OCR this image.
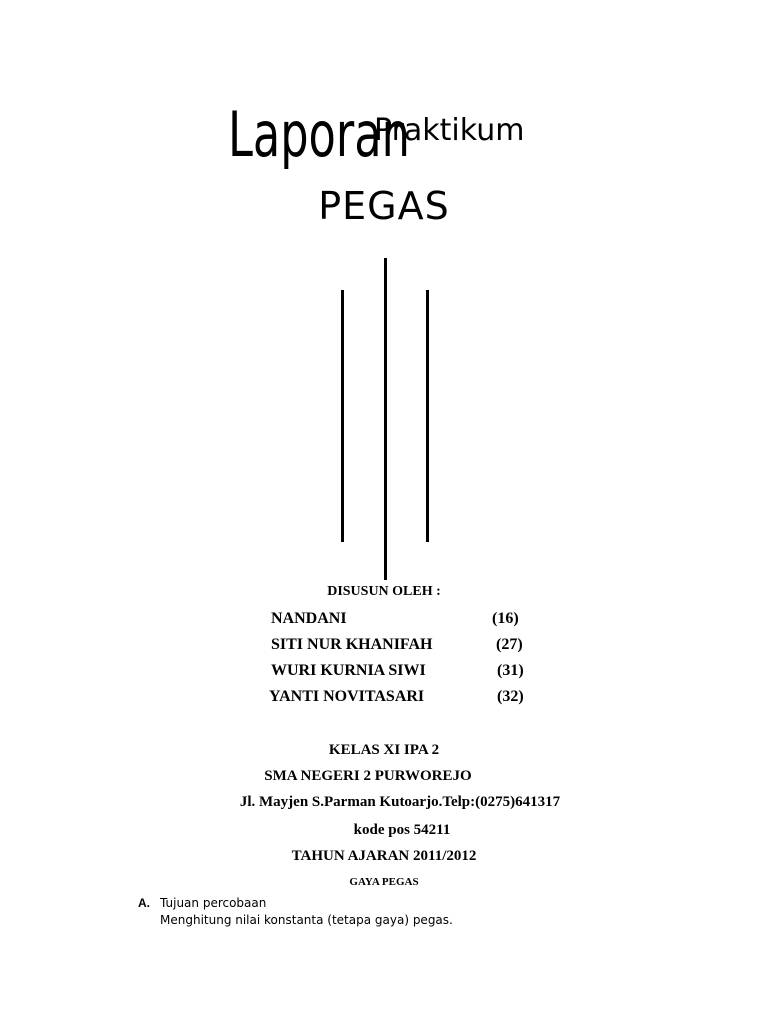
Laporan
Praktikum
PEGAS
DISUSUN OLEH :
NANDANI	(16)
SITI NUR KHANIFAH	(27)
WURI KURNIA SIWI	(31)
YANTI NOVITASARI	(32)
KELAS XI IPA 2
SMA NEGERI 2 PURWOREJO
Jl. Mayjen S.Parman Kutoarjo.Telp:(0275)641317
kode pos 54211
TAHUN AJARAN 2011/2012
GAYA PEGAS
A. Tujuan percobaan
Menghitung nilai konstanta (tetapa gaya) pegas.
